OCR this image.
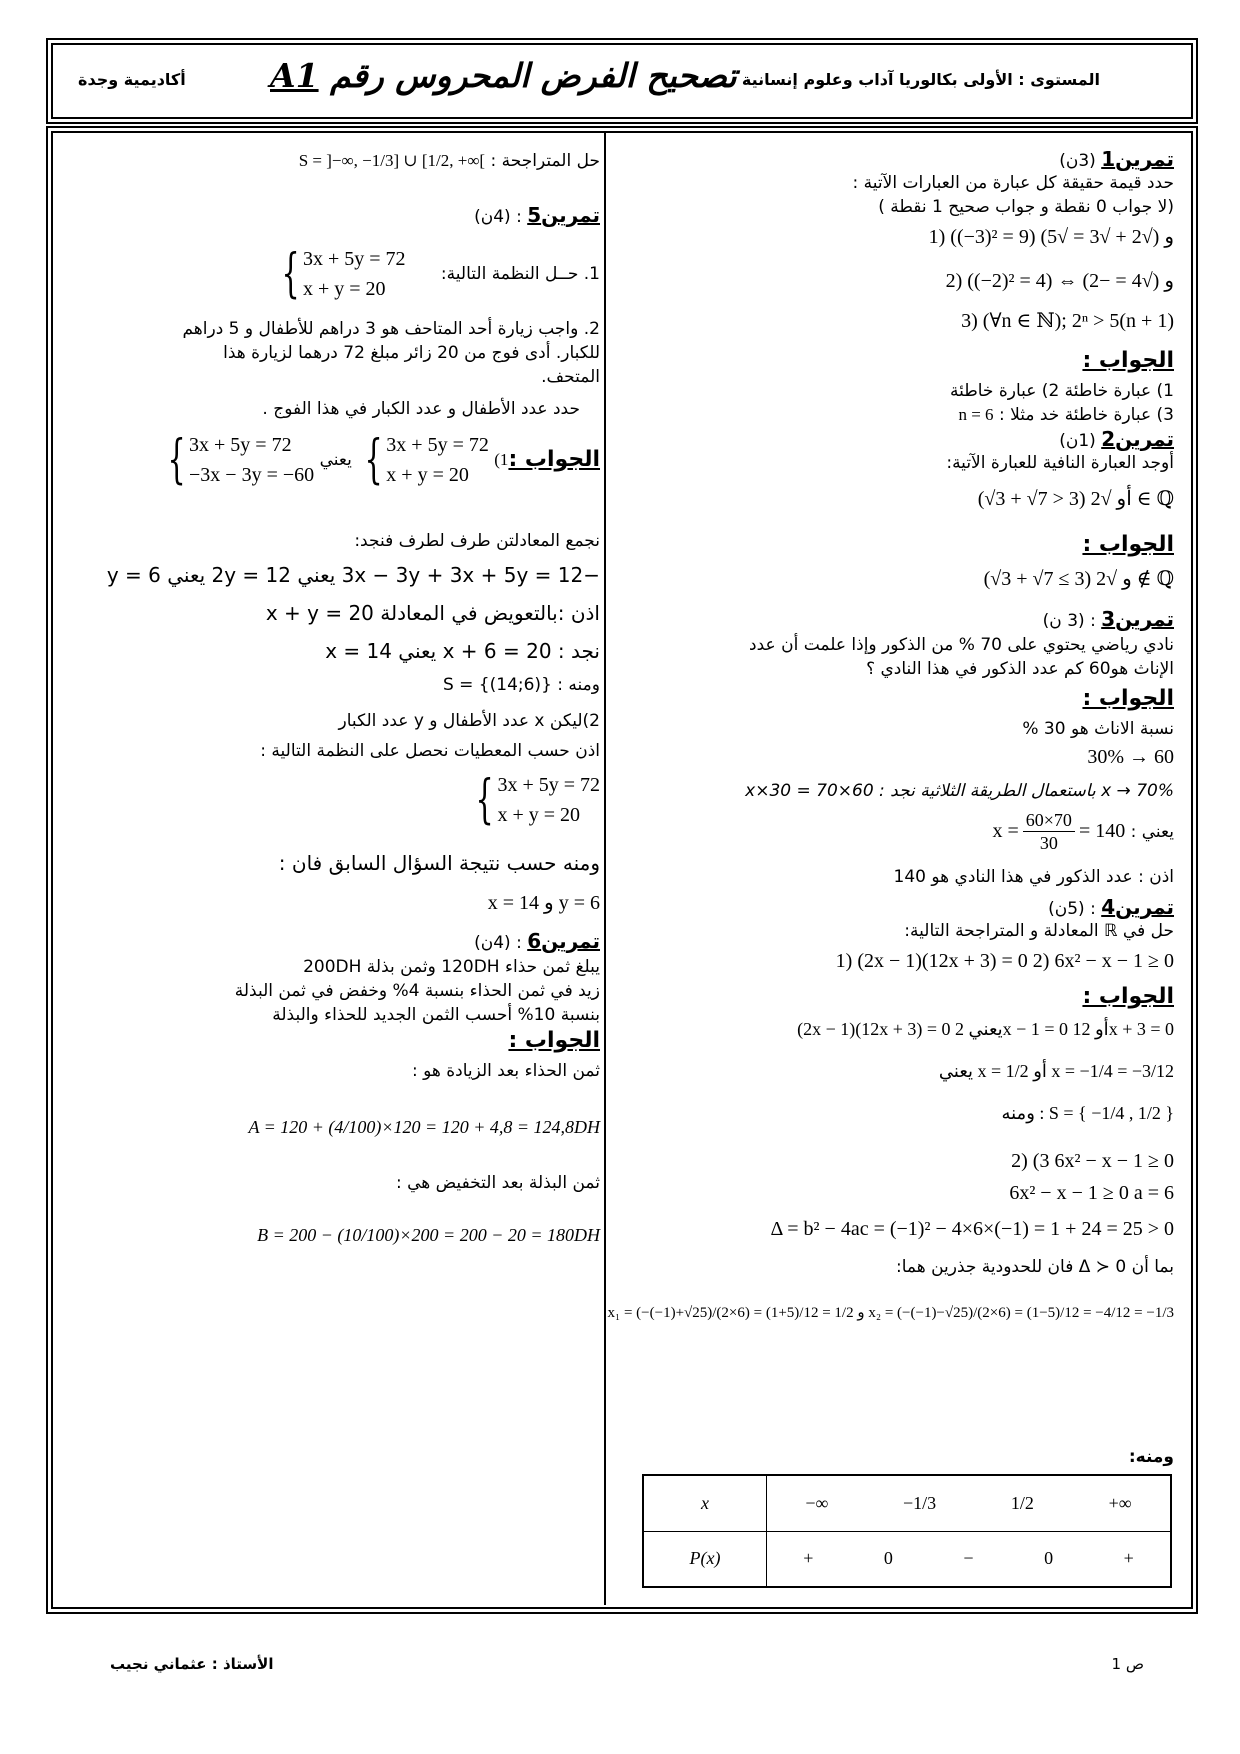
المستوى : الأولى بكالوريا آداب وعلوم إنسانية
تصحيح الفرض المحروس رقم A1
أكاديمية وجدة
تمرين1 (3ن)
حدد قيمة حقيقة كل عبارة من العبارات الآتية :
(لا جواب 0 نقطة و جواب صحيح 1 نقطة )
1) ((−3)² = 9) و (√2 + √3 = √5)
2) ((−2)² = 4) ⇔ و (√4 = −2)
3) (∀n ∈ ℕ); 2ⁿ > 5(n + 1)
الجواب :
1) عبارة خاطئة 2) عبارة خاطئة
3) عبارة خاطئة خد مثلا : n = 6
تمرين2 (1ن)
أوجد العبارة النافية للعبارة الآتية:
(√3 + √7 > 3) أو √2 ∈ ℚ
الجواب :
(√3 + √7 ≤ 3) و √2 ∉ ℚ
تمرين3 : (3 ن)
نادي رياضي يحتوي على 70 % من الذكور وإذا علمت أن عدد
الإناث هو60 كم عدد الذكور في هذا النادي ؟
الجواب :
نسبة الاناث هو 30 %
30% → 60
x → 70% باستعمال الطريقة الثلاثية نجد : x×30 = 70×60
يعني : $x = \frac{60\times 70}{30} = 140$
اذن : عدد الذكور في هذا النادي هو 140
تمرين4 : (5ن)
حل في ℝ المعادلة و المتراجحة التالية:
1) (2x − 1)(12x + 3) = 0 2) 6x² − x − 1 ≥ 0
الجواب :
(2x − 1)(12x + 3) = 0 يعني 2x − 1 = 0 أو 12x + 3 = 0
يعني x = 1/2 أو x = −1/4 = −3/12
ومنه : S = { −1/4 , 1/2 }
2) (3 6x² − x − 1 ≥ 0
6x² − x − 1 ≥ 0 a = 6
Δ = b² − 4ac = (−1)² − 4×6×(−1) = 1 + 24 = 25 > 0
بما أن Δ ≻ 0 فان للحدودية جذرين هما:
x₁ = (−(−1)+√25)/(2×6) = (1+5)/12 = 1/2 و x₂ = (−(−1)−√25)/(2×6) = (1−5)/12 = −4/12 = −1/3
ومنه:
x	−∞ −1/3 1/2 +∞

P(x)	+ 0 − 0 +
حل المتراجحة : S = ]−∞, −1/3] ∪ [1/2, +∞[
تمرين5 : (4ن)
1. حــل النظمة التالية:
{ 3x + 5y = 72
x + y = 20
2. واجب زيارة أحد المتاحف هو 3 دراهم للأطفال و 5 دراهم
للكبار. أدى فوج من 20 زائر مبلغ 72 درهما لزيارة هذا
المتحف.
حدد عدد الأطفال و عدد الكبار في هذا الفوج .
الجواب :(1
{ 3x + 5y = 72
x + y = 20
يعني
{ 3x + 5y = 72
−3x − 3y = −60
نجمع المعادلتن طرف لطرف فنجد:
−3x − 3y + 3x + 5y = 12 يعني 2y = 12 يعني y = 6
اذن :بالتعويض في المعادلة x + y = 20
نجد : x + 6 = 20 يعني x = 14
ومنه : S = {(14;6)}
2)ليكن x عدد الأطفال و y عدد الكبار
اذن حسب المعطيات نحصل على النظمة التالية :
{ 3x + 5y = 72
x + y = 20
ومنه حسب نتيجة السؤال السابق فان :
x = 14 و y = 6
تمرين6 : (4ن)
يبلغ ثمن حذاء 120DH وثمن بذلة 200DH
زيد في ثمن الحذاء بنسبة 4% وخفض في ثمن البذلة
بنسبة 10% أحسب الثمن الجديد للحذاء والبذلة
الجواب :
ثمن الحذاء بعد الزيادة هو :
A = 120 + (4/100)×120 = 120 + 4,8 = 124,8DH
ثمن البذلة بعد التخفيض هي :
B = 200 − (10/100)×200 = 200 − 20 = 180DH
الأستاذ : عثماني نجيب	ص 1
